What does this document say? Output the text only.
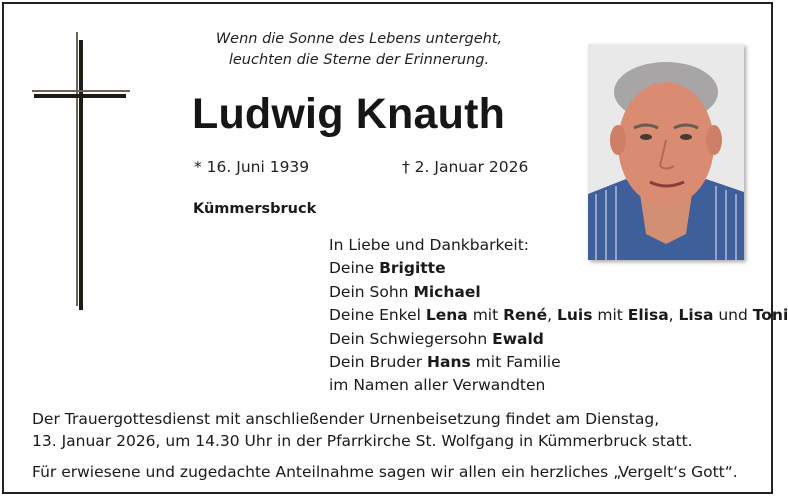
Wenn die Sonne des Lebens untergeht,
leuchten die Sterne der Erinnerung.
Ludwig Knauth
* 16. Juni 1939	† 2. Januar 2026
Kümmersbruck
In Liebe und Dankbarkeit:
Deine Brigitte
Dein Sohn Michael
Deine Enkel Lena mit René, Luis mit Elisa, Lisa und Toni
Dein Schwiegersohn Ewald
Dein Bruder Hans mit Familie
im Namen aller Verwandten
Der Trauergottesdienst mit anschließender Urnenbeisetzung findet am Dienstag,
13. Januar 2026, um 14.30 Uhr in der Pfarrkirche St. Wolfgang in Kümmerbruck statt.
Für erwiesene und zugedachte Anteilnahme sagen wir allen ein herzliches „Vergelt‘s Gott“.
